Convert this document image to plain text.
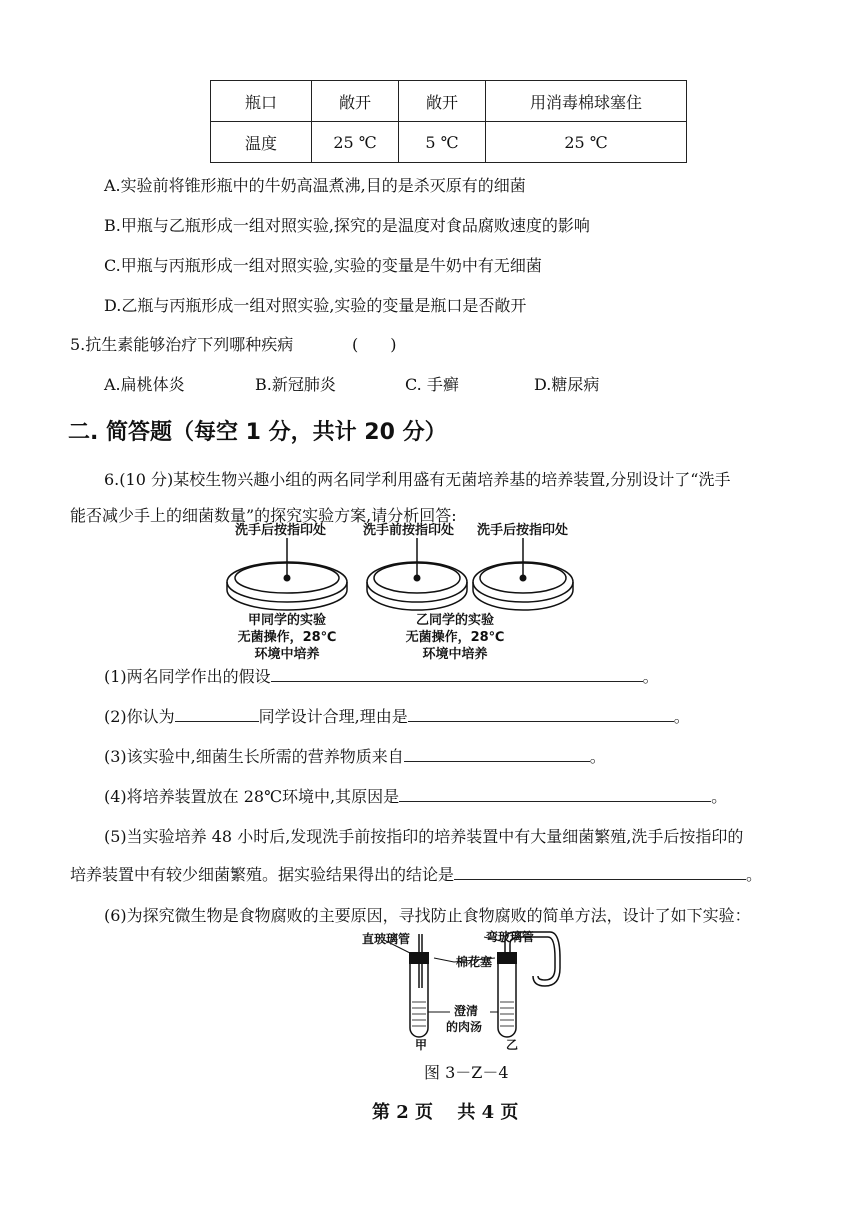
瓶口	敞开	敞开	用消毒棉球塞住
温度	25 ℃	5 ℃	25 ℃
A.实验前将锥形瓶中的牛奶高温煮沸,目的是杀灭原有的细菌
B.甲瓶与乙瓶形成一组对照实验,探究的是温度对食品腐败速度的影响
C.甲瓶与丙瓶形成一组对照实验,实验的变量是牛奶中有无细菌
D.乙瓶与丙瓶形成一组对照实验,实验的变量是瓶口是否敞开
5.抗生素能够治疗下列哪种疾病	(　　)
A.扁桃体炎	B.新冠肺炎	C. 手癣	D.糖尿病
二. 简答题（每空 1 分，共计 20 分）
6.(10 分)某校生物兴趣小组的两名同学利用盛有无菌培养基的培养装置,分别设计了“洗手
能否减少手上的细菌数量”的探究实验方案,请分析回答:
洗手后按指印处	洗手前按指印处 洗手后按指印处
甲同学的实验
无菌操作，28℃
环境中培养
乙同学的实验
无菌操作，28℃
环境中培养
(1)两名同学作出的假设	。
(2)你认为	同学设计合理,理由是	。
(3)该实验中,细菌生长所需的营养物质来自	。
(4)将培养装置放在 28℃环境中,其原因是	。
(5)当实验培养 48 小时后,发现洗手前按指印的培养装置中有大量细菌繁殖,洗手后按指印的
培养装置中有较少细菌繁殖。据实验结果得出的结论是	。
(6)为探究微生物是食物腐败的主要原因，寻找防止食物腐败的简单方法，设计了如下实验：
直玻璃管	弯玻璃管
棉花塞
澄清
的肉汤
甲	乙
图 3－Z－4
第 2 页　 共 4 页
